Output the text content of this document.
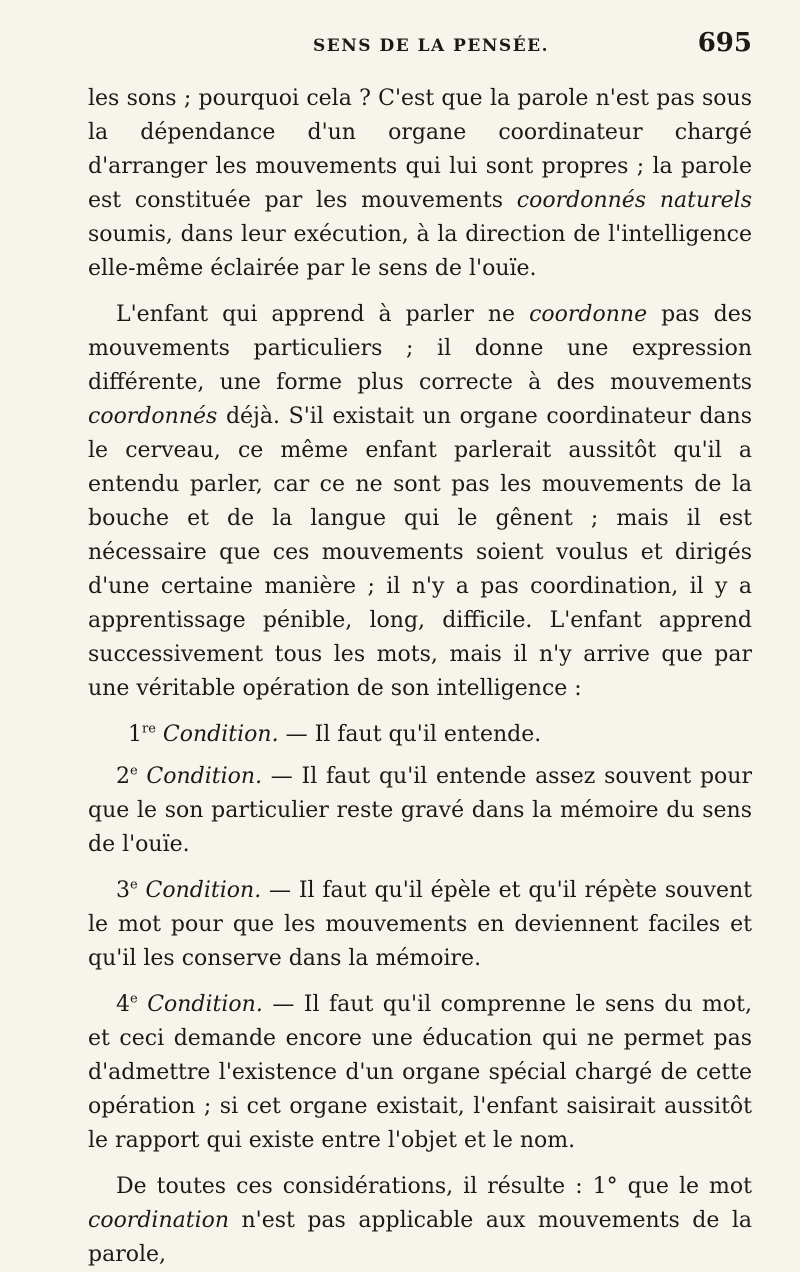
SENS DE LA PENSÉE.	695

les sons ; pourquoi cela ? C'est que la parole n'est pas sous la dépendance d'un organe coordinateur chargé d'arranger les mouvements qui lui sont propres ; la parole est constituée par les mouvements coordonnés naturels soumis, dans leur exécution, à la direction de l'intelligence elle-même éclairée par le sens de l'ouïe.

L'enfant qui apprend à parler ne coordonne pas des mouvements particuliers ; il donne une expression différente, une forme plus correcte à des mouvements coordonnés déjà. S'il existait un organe coordinateur dans le cerveau, ce même enfant parlerait aussitôt qu'il a entendu parler, car ce ne sont pas les mouvements de la bouche et de la langue qui le gênent ; mais il est nécessaire que ces mouvements soient voulus et dirigés d'une certaine manière ; il n'y a pas coordination, il y a apprentissage pénible, long, difficile. L'enfant apprend successivement tous les mots, mais il n'y arrive que par une véritable opération de son intelligence :

1re Condition. — Il faut qu'il entende.

2e Condition. — Il faut qu'il entende assez souvent pour que le son particulier reste gravé dans la mémoire du sens de l'ouïe.

3e Condition. — Il faut qu'il épèle et qu'il répète souvent le mot pour que les mouvements en deviennent faciles et qu'il les conserve dans la mémoire.

4e Condition. — Il faut qu'il comprenne le sens du mot, et ceci demande encore une éducation qui ne permet pas d'admettre l'existence d'un organe spécial chargé de cette opération ; si cet organe existait, l'enfant saisirait aussitôt le rapport qui existe entre l'objet et le nom.

De toutes ces considérations, il résulte : 1° que le mot coordination n'est pas applicable aux mouvements de la parole,
